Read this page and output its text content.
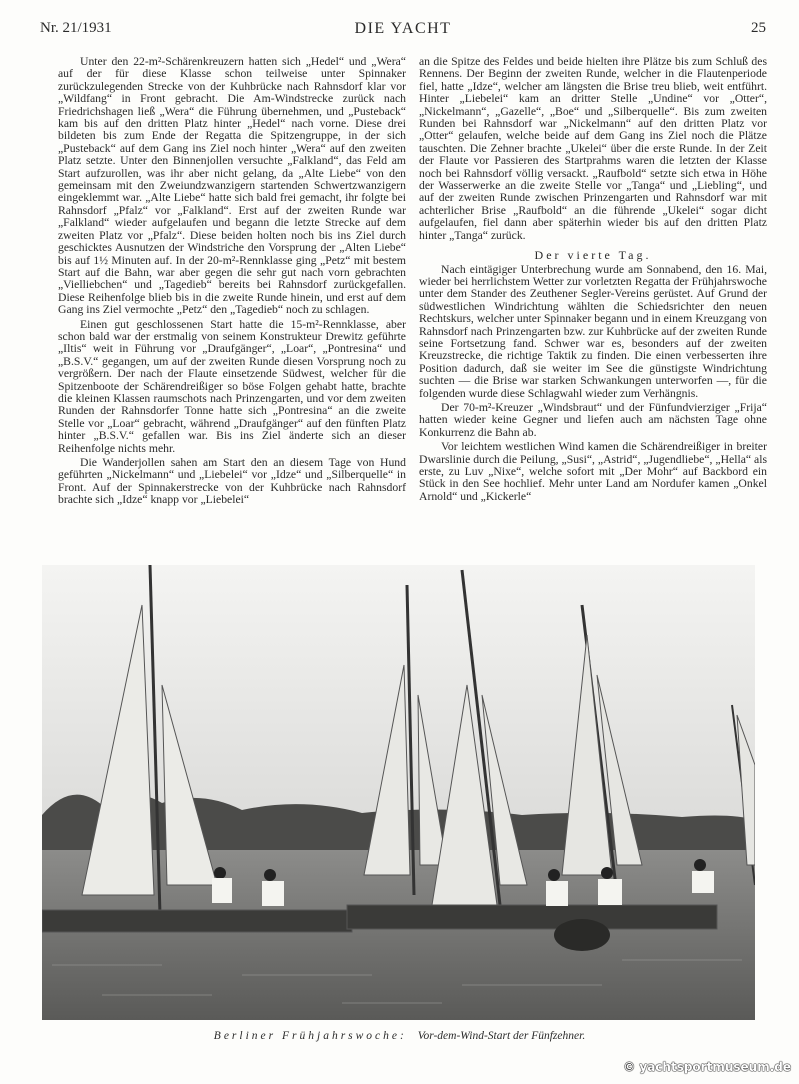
Nr. 21/1931	DIE YACHT	25

Unter den 22-m²-Schärenkreuzern hatten sich „Hedel“ und „Wera“ auf der für diese Klasse schon teilweise unter Spinnaker zurückzulegenden Strecke von der Kuhbrücke nach Rahnsdorf klar vor „Wildfang“ in Front gebracht. Die Am-Windstrecke zurück nach Friedrichshagen ließ „Wera“ die Führung übernehmen, und „Pusteback“ kam bis auf den dritten Platz hinter „Hedel“ nach vorne. Diese drei bildeten bis zum Ende der Regatta die Spitzengruppe, in der sich „Pusteback“ auf dem Gang ins Ziel noch hinter „Wera“ auf den zweiten Platz setzte. Unter den Binnenjollen versuchte „Falkland“, das Feld am Start aufzurollen, was ihr aber nicht gelang, da „Alte Liebe“ von den gemeinsam mit den Zweiundzwanzigern startenden Schwertzwanzigern eingeklemmt war. „Alte Liebe“ hatte sich bald frei gemacht, ihr folgte bei Rahnsdorf „Pfalz“ vor „Falkland“. Erst auf der zweiten Runde war „Falkland“ wieder aufgelaufen und begann die letzte Strecke auf dem zweiten Platz vor „Pfalz“. Diese beiden holten noch bis ins Ziel durch geschicktes Ausnutzen der Windstriche den Vorsprung der „Alten Liebe“ bis auf 1½ Minuten auf. In der 20-m²-Rennklasse ging „Petz“ mit bestem Start auf die Bahn, war aber gegen die sehr gut nach vorn gebrachten „Vielliebchen“ und „Tagedieb“ bereits bei Rahnsdorf zurückgefallen. Diese Reihenfolge blieb bis in die zweite Runde hinein, und erst auf dem Gang ins Ziel vermochte „Petz“ den „Tagedieb“ noch zu schlagen.

Einen gut geschlossenen Start hatte die 15-m²-Rennklasse, aber schon bald war der erstmalig von seinem Konstrukteur Drewitz geführte „Iltis“ weit in Führung vor „Draufgänger“, „Loar“, „Pontresina“ und „B.S.V.“ gegangen, um auf der zweiten Runde diesen Vorsprung noch zu vergrößern. Der nach der Flaute einsetzende Südwest, welcher für die Spitzenboote der Schärendreißiger so böse Folgen gehabt hatte, brachte die kleinen Klassen raumschots nach Prinzengarten, und vor dem zweiten Runden der Rahnsdorfer Tonne hatte sich „Pontresina“ an die zweite Stelle vor „Loar“ gebracht, während „Draufgänger“ auf den fünften Platz hinter „B.S.V.“ gefallen war. Bis ins Ziel änderte sich an dieser Reihenfolge nichts mehr.

Die Wanderjollen sahen am Start den an diesem Tage von Hund geführten „Nickelmann“ und „Liebelei“ vor „Idze“ und „Silberquelle“ in Front. Auf der Spinnakerstrecke von der Kuhbrücke nach Rahnsdorf brachte sich „Idze“ knapp vor „Liebelei“

an die Spitze des Feldes und beide hielten ihre Plätze bis zum Schluß des Rennens. Der Beginn der zweiten Runde, welcher in die Flautenperiode fiel, hatte „Idze“, welcher am längsten die Brise treu blieb, weit entführt. Hinter „Liebelei“ kam an dritter Stelle „Undine“ vor „Otter“, „Nickelmann“, „Gazelle“, „Boe“ und „Silberquelle“. Bis zum zweiten Runden bei Rahnsdorf war „Nickelmann“ auf den dritten Platz vor „Otter“ gelaufen, welche beide auf dem Gang ins Ziel noch die Plätze tauschten. Die Zehner brachte „Ukelei“ über die erste Runde. In der Zeit der Flaute vor Passieren des Startprahms waren die letzten der Klasse noch bei Rahnsdorf völlig versackt. „Raufbold“ setzte sich etwa in Höhe der Wasserwerke an die zweite Stelle vor „Tanga“ und „Liebling“, und auf der zweiten Runde zwischen Prinzengarten und Rahnsdorf war mit achterlicher Brise „Raufbold“ an die führende „Ukelei“ sogar dicht aufgelaufen, fiel dann aber späterhin wieder bis auf den dritten Platz hinter „Tanga“ zurück.

Der vierte Tag.

Nach eintägiger Unterbrechung wurde am Sonnabend, den 16. Mai, wieder bei herrlichstem Wetter zur vorletzten Regatta der Frühjahrswoche unter dem Stander des Zeuthener Segler-Vereins gerüstet. Auf Grund der südwestlichen Windrichtung wählten die Schiedsrichter den neuen Rechtskurs, welcher unter Spinnaker begann und in einem Kreuzgang von Rahnsdorf nach Prinzengarten bzw. zur Kuhbrücke auf der zweiten Runde seine Fortsetzung fand. Schwer war es, besonders auf der zweiten Kreuzstrecke, die richtige Taktik zu finden. Die einen verbesserten ihre Position dadurch, daß sie weiter im See die günstigste Windrichtung suchten — die Brise war starken Schwankungen unterworfen —, für die folgenden wurde diese Schlagwahl wieder zum Verhängnis.

Der 70-m²-Kreuzer „Windsbraut“ und der Fünfundvierziger „Frija“ hatten wieder keine Gegner und liefen auch am nächsten Tage ohne Konkurrenz die Bahn ab.

Vor leichtem westlichen Wind kamen die Schärendreißiger in breiter Dwarslinie durch die Peilung, „Susi“, „Astrid“, „Jugendliebe“, „Hella“ als erste, zu Luv „Nixe“, welche sofort mit „Der Mohr“ auf Backbord ein Stück in den See hochlief. Mehr unter Land am Nordufer kamen „Onkel Arnold“ und „Kickerle“

Berliner Frühjahrswoche: Vor-dem-Wind-Start der Fünfzehner.
© yachtsportmuseum.de
